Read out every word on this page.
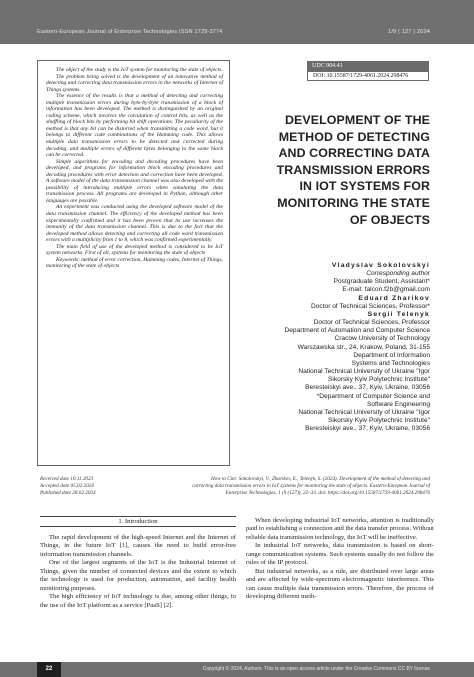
Eastern-European Journal of Enterprise Technologies ISSN 1729-3774	1/9 ( 127 ) 2024

The object of the study is the IoT system for monitoring the state of objects.

The problem being solved is the development of an innovative method of detecting and correcting data transmission errors in the networks of Internet of Things systems.

The essence of the results is that a method of detecting and correcting multiple transmission errors during byte-by-byte transmission of a block of information has been developed. The method is distinguished by an original coding scheme, which involves the calculation of control bits, as well as the shuffling of block bits by performing bit shift operations. The peculiarity of the method is that any bit can be distorted when transmitting a code word, but it belongs to different code combinations of the Hamming code. This allows multiple data transmission errors to be detected and corrected during decoding, and multiple errors of different bytes belonging to the same block can be corrected.

Simple algorithms for encoding and decoding procedures have been developed, and programs for information block encoding procedures and decoding procedures with error detection and correction have been developed. A software model of the data transmission channel was also developed with the possibility of introducing multiple errors when simulating the data transmission process. All programs are developed in Python, although other languages are possible.

An experiment was conducted using the developed software model of the data transmission channel. The efficiency of the developed method has been experimentally confirmed and it has been proven that its use increases the immunity of the data transmission channel. This is due to the fact that the developed method allows detecting and correcting all code word transmission errors with a multiplicity from 1 to 8, which was confirmed experimentally.

The main field of use of the developed method is considered to be IoT system networks. First of all, systems for monitoring the state of objects

Keywords: method of error correction, Hamming codes, Internet of Things, monitoring of the state of objects

UDC 004.41
DOI: 10.15587/1729-4061.2024.298476
DEVELOPMENT OF THE
METHOD OF DETECTING
AND CORRECTING DATA
TRANSMISSION ERRORS
IN IOT SYSTEMS FOR
MONITORING THE STATE
OF OBJECTS
Vladyslav Sokolovskyi
Corresponding author
Postgraduate Student, Assistant*
E-mail: falcon.f2b@gmail.com
Eduard Zharikov
Doctor of Technical Sciences, Professor*
Sergii Telenyk
Doctor of Technical Sciences, Professor
Department of Automation and Computer Science
Cracow University of Technology
Warszawska str., 24, Krakow, Poland, 31-155
Department of Information
Systems and Technologies
National Technical University of Ukraine "Igor
Sikorsky Kyiv Polytechnic Institute"
Beresteiskyi ave., 37, Kyiv, Ukraine, 03056
*Department of Computer Science and
Software Engineering
National Technical University of Ukraine "Igor
Sikorsky Kyiv Polytechnic Institute"
Beresteiskyi ave., 37, Kyiv, Ukraine, 03056
Received date 10.11.2023
Accepted date 05.02.2024
Published date 28.02.2024
How to Cite: Sokolovskyi, V., Zharikov, E., Telenyk, S. (2024). Development of the method of detecting and
correcting data transmission errors in IoT systems for monitoring the state of objects. Eastern-European Journal of
Enterprise Technologies, 1 (9 (127)), 22–33. doi: https://doi.org/10.15587/1729-4061.2024.298476
1. Introduction

The rapid development of the high-speed Internet and the Internet of Things, in the future IoT [1], causes the need to build error-free information transmission channels.

One of the largest segments of the IoT is the Industrial Internet of Things, given the number of connected devices and the extent to which the technology is used for production, automation, and facility health monitoring purposes.

The high efficiency of IoT technology is due, among other things, to the use of the IoT platform as a service [PaaS] [2].

When developing industrial IoT networks, attention is traditionally paid to establishing a connection and the data transfer process. Without reliable data transmission technology, the IoT will be ineffective.

In industrial IoT networks, data transmission is based on short-range communication systems. Such systems usually do not follow the rules of the IP protocol.

But industrial networks, as a rule, are distributed over large areas and are affected by wide-spectrum electromagnetic interference. This can cause multiple data transmission errors. Therefore, the process of developing different meth-

22	Copyright © 2024, Authors. This is an open access article under the Creative Commons CC BY license
